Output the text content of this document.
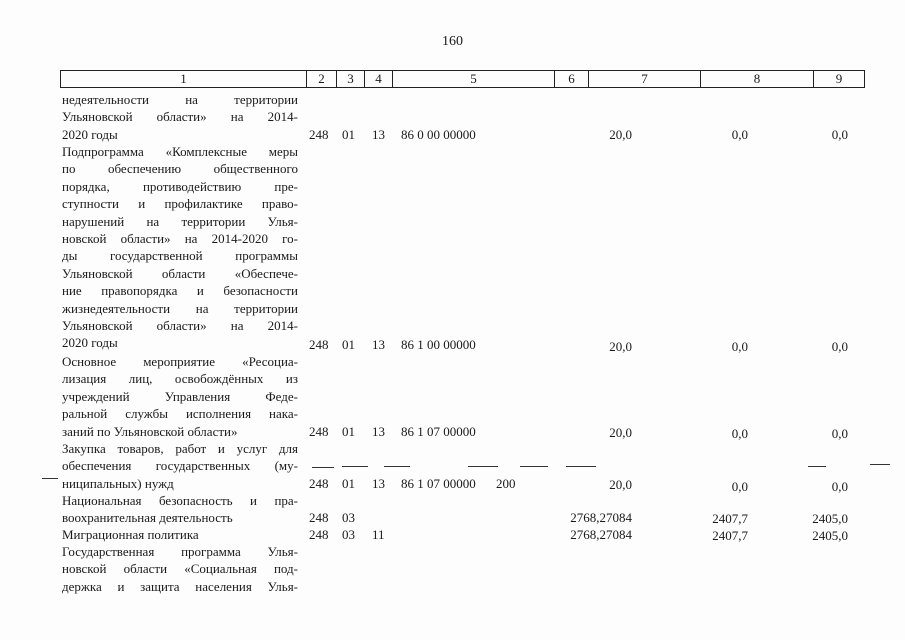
160
1	2	3	4	5	6	7	8	9
недеятельности на территории
Ульяновской области» на 2014-
2020 годы	248 01 13 86 0 00 00000	20,0	0,0	0,0
Подпрограмма «Комплексные меры
по обеспечению общественного
порядка, противодействию пре-
ступности и профилактике право-
нарушений на территории Улья-
новской области» на 2014-2020 го-
ды государственной программы
Ульяновской области «Обеспече-
ние правопорядка и безопасности
жизнедеятельности на территории
Ульяновской области» на 2014-
2020 годы	248 01 13 86 1 00 00000	20,0	0,0	0,0
Основное мероприятие «Ресоциа-
лизация лиц, освобождённых из
учреждений Управления Феде-
ральной службы исполнения нака-
заний по Ульяновской области»	248 01 13 86 1 07 00000	20,0	0,0	0,0
Закупка товаров, работ и услуг для
обеспечения государственных (му-
ниципальных) нужд	248 01 13 86 1 07 00000 200	20,0	0,0	0,0
Национальная безопасность и пра-
воохранительная деятельность	248 03	2768,27084	2407,7	2405,0
Миграционная политика	248 03 11	2768,27084	2407,7	2405,0
Государственная программа Улья-
новской области «Социальная под-
держка и защита населения Улья-
